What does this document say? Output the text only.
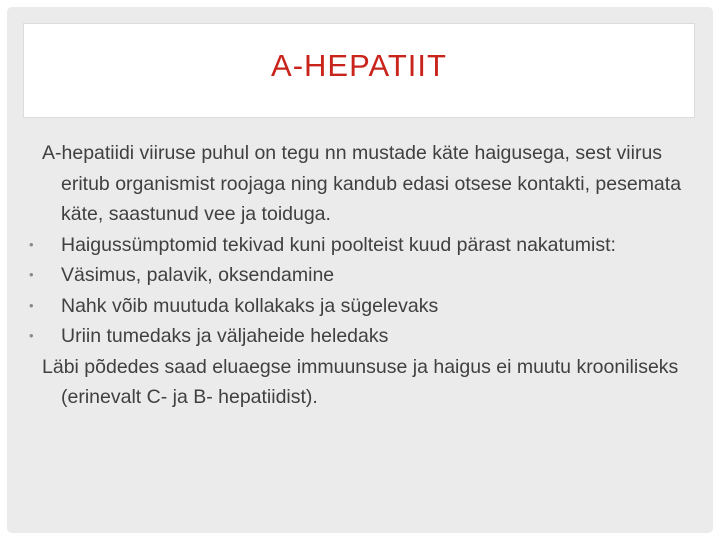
A-HEPATIIT

A-hepatiidi viiruse puhul on tegu nn mustade käte haigusega, sest viirus eritub organismist roojaga ning kandub edasi otsese kontakti, pesemata käte, saastunud vee ja toiduga.

•	Haigussümptomid tekivad kuni poolteist kuud pärast nakatumist:
•	Väsimus, palavik, oksendamine
•	Nahk võib muutuda kollakaks ja sügelevaks
•	Uriin tumedaks ja väljaheide heledaks

Läbi põdedes saad eluaegse immuunsuse ja haigus ei muutu krooniliseks (erinevalt C- ja B- hepatiidist).
